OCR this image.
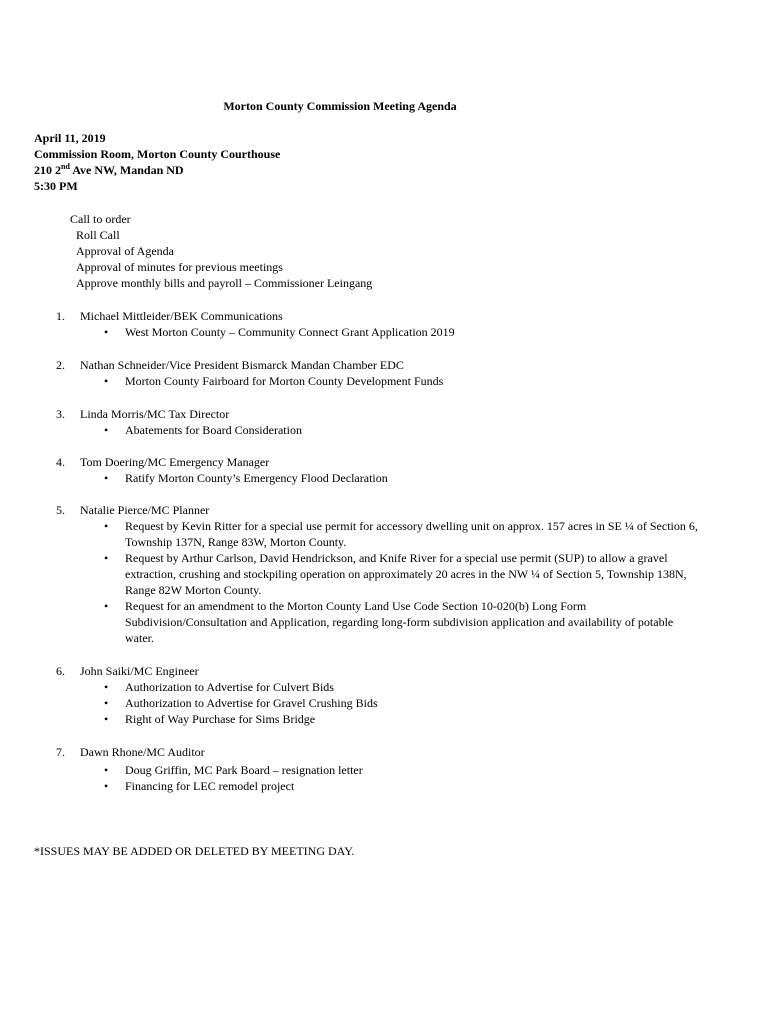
Morton County Commission Meeting Agenda
April 11, 2019
Commission Room, Morton County Courthouse
210 2nd Ave NW, Mandan ND
5:30 PM
Call to order
Roll Call
Approval of Agenda
Approval of minutes for previous meetings
Approve monthly bills and payroll – Commissioner Leingang
1. Michael Mittleider/BEK Communications
• West Morton County – Community Connect Grant Application 2019
2. Nathan Schneider/Vice President Bismarck Mandan Chamber EDC
• Morton County Fairboard for Morton County Development Funds
3. Linda Morris/MC Tax Director
• Abatements for Board Consideration
4. Tom Doering/MC Emergency Manager
• Ratify Morton County’s Emergency Flood Declaration
5. Natalie Pierce/MC Planner
• Request by Kevin Ritter for a special use permit for accessory dwelling unit on approx. 157 acres in SE ¼ of Section 6, Township 137N, Range 83W, Morton County.
• Request by Arthur Carlson, David Hendrickson, and Knife River for a special use permit (SUP) to allow a gravel extraction, crushing and stockpiling operation on approximately 20 acres in the NW ¼ of Section 5, Township 138N, Range 82W Morton County.
• Request for an amendment to the Morton County Land Use Code Section 10-020(b) Long Form Subdivision/Consultation and Application, regarding long-form subdivision application and availability of potable water.
6. John Saiki/MC Engineer
• Authorization to Advertise for Culvert Bids
• Authorization to Advertise for Gravel Crushing Bids
• Right of Way Purchase for Sims Bridge
7. Dawn Rhone/MC Auditor
• Doug Griffin, MC Park Board – resignation letter
• Financing for LEC remodel project
*ISSUES MAY BE ADDED OR DELETED BY MEETING DAY.
